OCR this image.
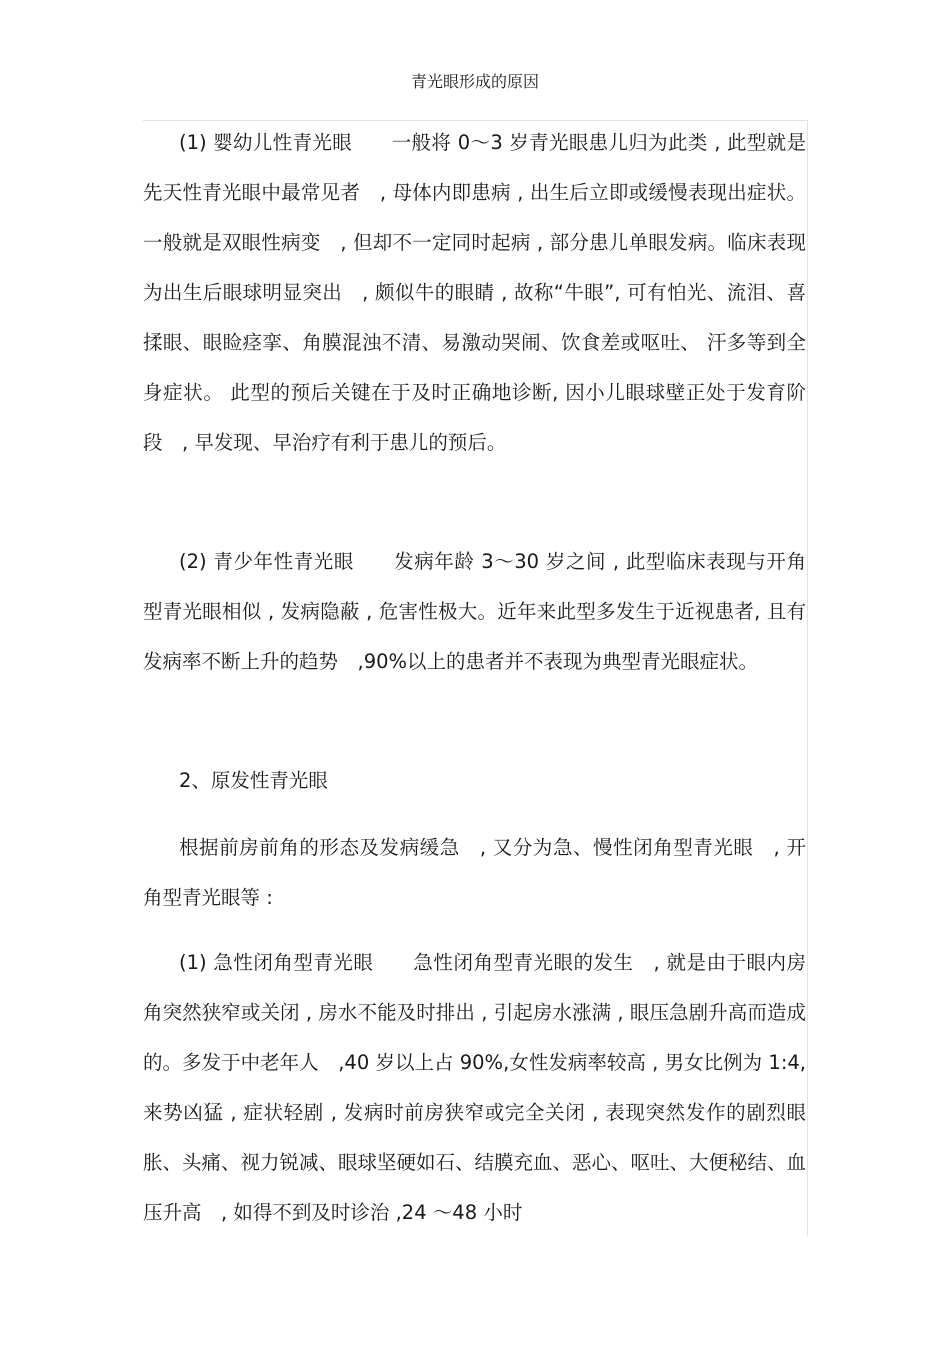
青光眼形成的原因

(1) 婴幼儿性青光眼　　一般将 0～3 岁青光眼患儿归为此类 , 此型就是先天性青光眼中最常见者　, 母体内即患病 , 出生后立即或缓慢表现出症状。一般就是双眼性病变　, 但却不一定同时起病 , 部分患儿单眼发病。临床表现为出生后眼球明显突出　, 颇似牛的眼睛 , 故称“牛眼”, 可有怕光、流泪、喜揉眼、眼睑痉挛、角膜混浊不清、易激动哭闹、饮食差或呕吐、 汗多等到全身症状。 此型的预后关键在于及时正确地诊断, 因小儿眼球壁正处于发育阶段　, 早发现、早治疗有利于患儿的预后。

(2) 青少年性青光眼　　发病年龄 3～30 岁之间 , 此型临床表现与开角型青光眼相似 , 发病隐蔽 , 危害性极大。近年来此型多发生于近视患者, 且有发病率不断上升的趋势　,90%以上的患者并不表现为典型青光眼症状。

2、原发性青光眼

根据前房前角的形态及发病缓急　, 又分为急、慢性闭角型青光眼　, 开角型青光眼等 :

(1) 急性闭角型青光眼　　急性闭角型青光眼的发生　, 就是由于眼内房角突然狭窄或关闭 , 房水不能及时排出 , 引起房水涨满 , 眼压急剧升高而造成的。多发于中老年人　,40 岁以上占 90%,女性发病率较高 , 男女比例为 1:4, 来势凶猛 , 症状轻剧 , 发病时前房狭窄或完全关闭 , 表现突然发作的剧烈眼胀、头痛、视力锐减、眼球坚硬如石、结膜充血、恶心、呕吐、大便秘结、血压升高　, 如得不到及时诊治 ,24 ～48 小时
